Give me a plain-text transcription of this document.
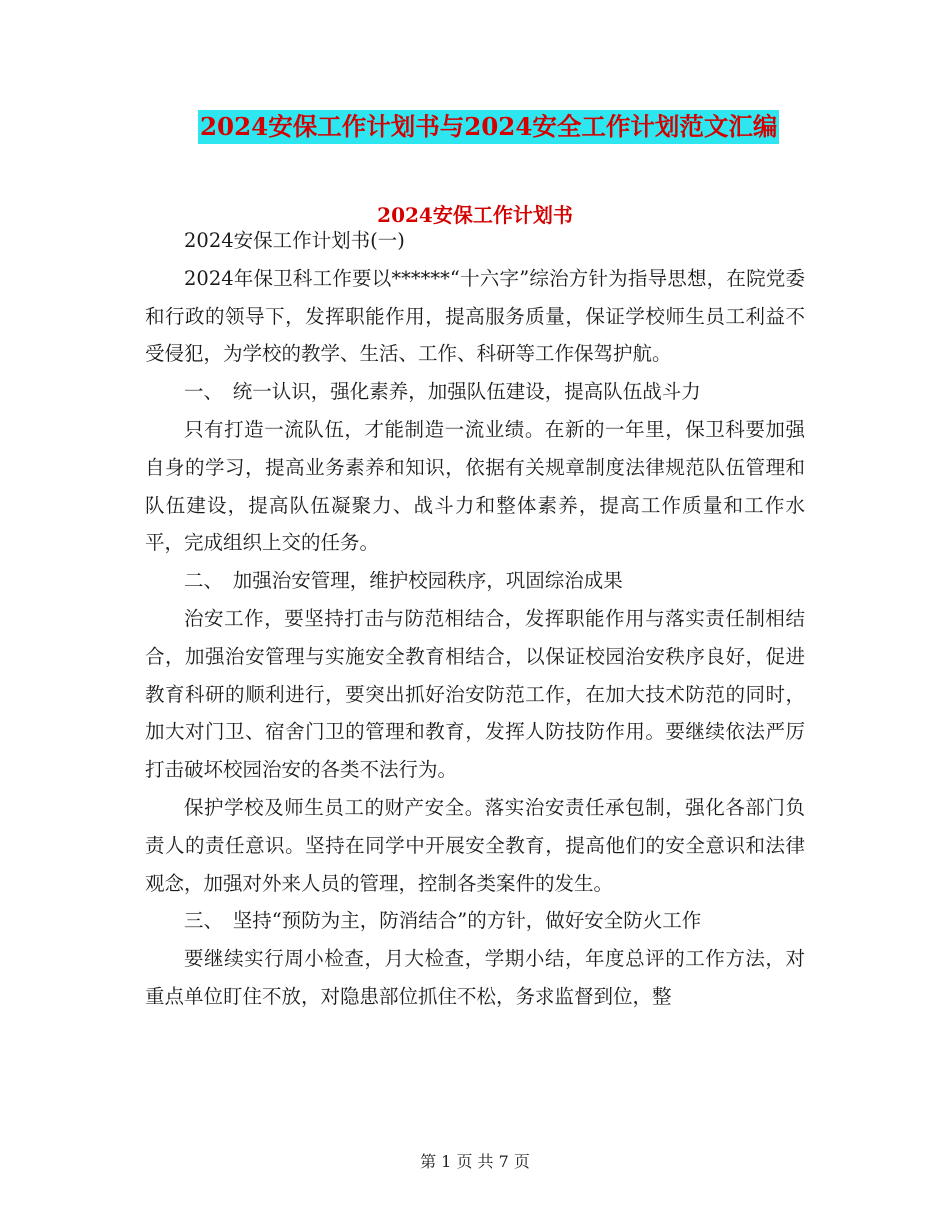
2024安保工作计划书与2024安全工作计划范文汇编
2024安保工作计划书

2024安保工作计划书(一)

2024年保卫科工作要以******“十六字”综治方针为指导思想，在院党委和行政的领导下，发挥职能作用，提高服务质量，保证学校师生员工利益不受侵犯，为学校的教学、生活、工作、科研等工作保驾护航。

一、　统一认识，强化素养，加强队伍建设，提高队伍战斗力

只有打造一流队伍，才能制造一流业绩。在新的一年里，保卫科要加强自身的学习，提高业务素养和知识，依据有关规章制度法律规范队伍管理和队伍建设，提高队伍凝聚力、战斗力和整体素养，提高工作质量和工作水平，完成组织上交的任务。

二、　加强治安管理，维护校园秩序，巩固综治成果

治安工作，要坚持打击与防范相结合，发挥职能作用与落实责任制相结合，加强治安管理与实施安全教育相结合，以保证校园治安秩序良好，促进教育科研的顺利进行，要突出抓好治安防范工作，在加大技术防范的同时，加大对门卫、宿舍门卫的管理和教育，发挥人防技防作用。要继续依法严厉打击破坏校园治安的各类不法行为。

保护学校及师生员工的财产安全。落实治安责任承包制，强化各部门负责人的责任意识。坚持在同学中开展安全教育，提高他们的安全意识和法律观念，加强对外来人员的管理，控制各类案件的发生。

三、　坚持“预防为主，防消结合”的方针，做好安全防火工作

要继续实行周小检查，月大检查，学期小结，年度总评的工作方法，对重点单位盯住不放，对隐患部位抓住不松，务求监督到位，整

第 1 页 共 7 页
